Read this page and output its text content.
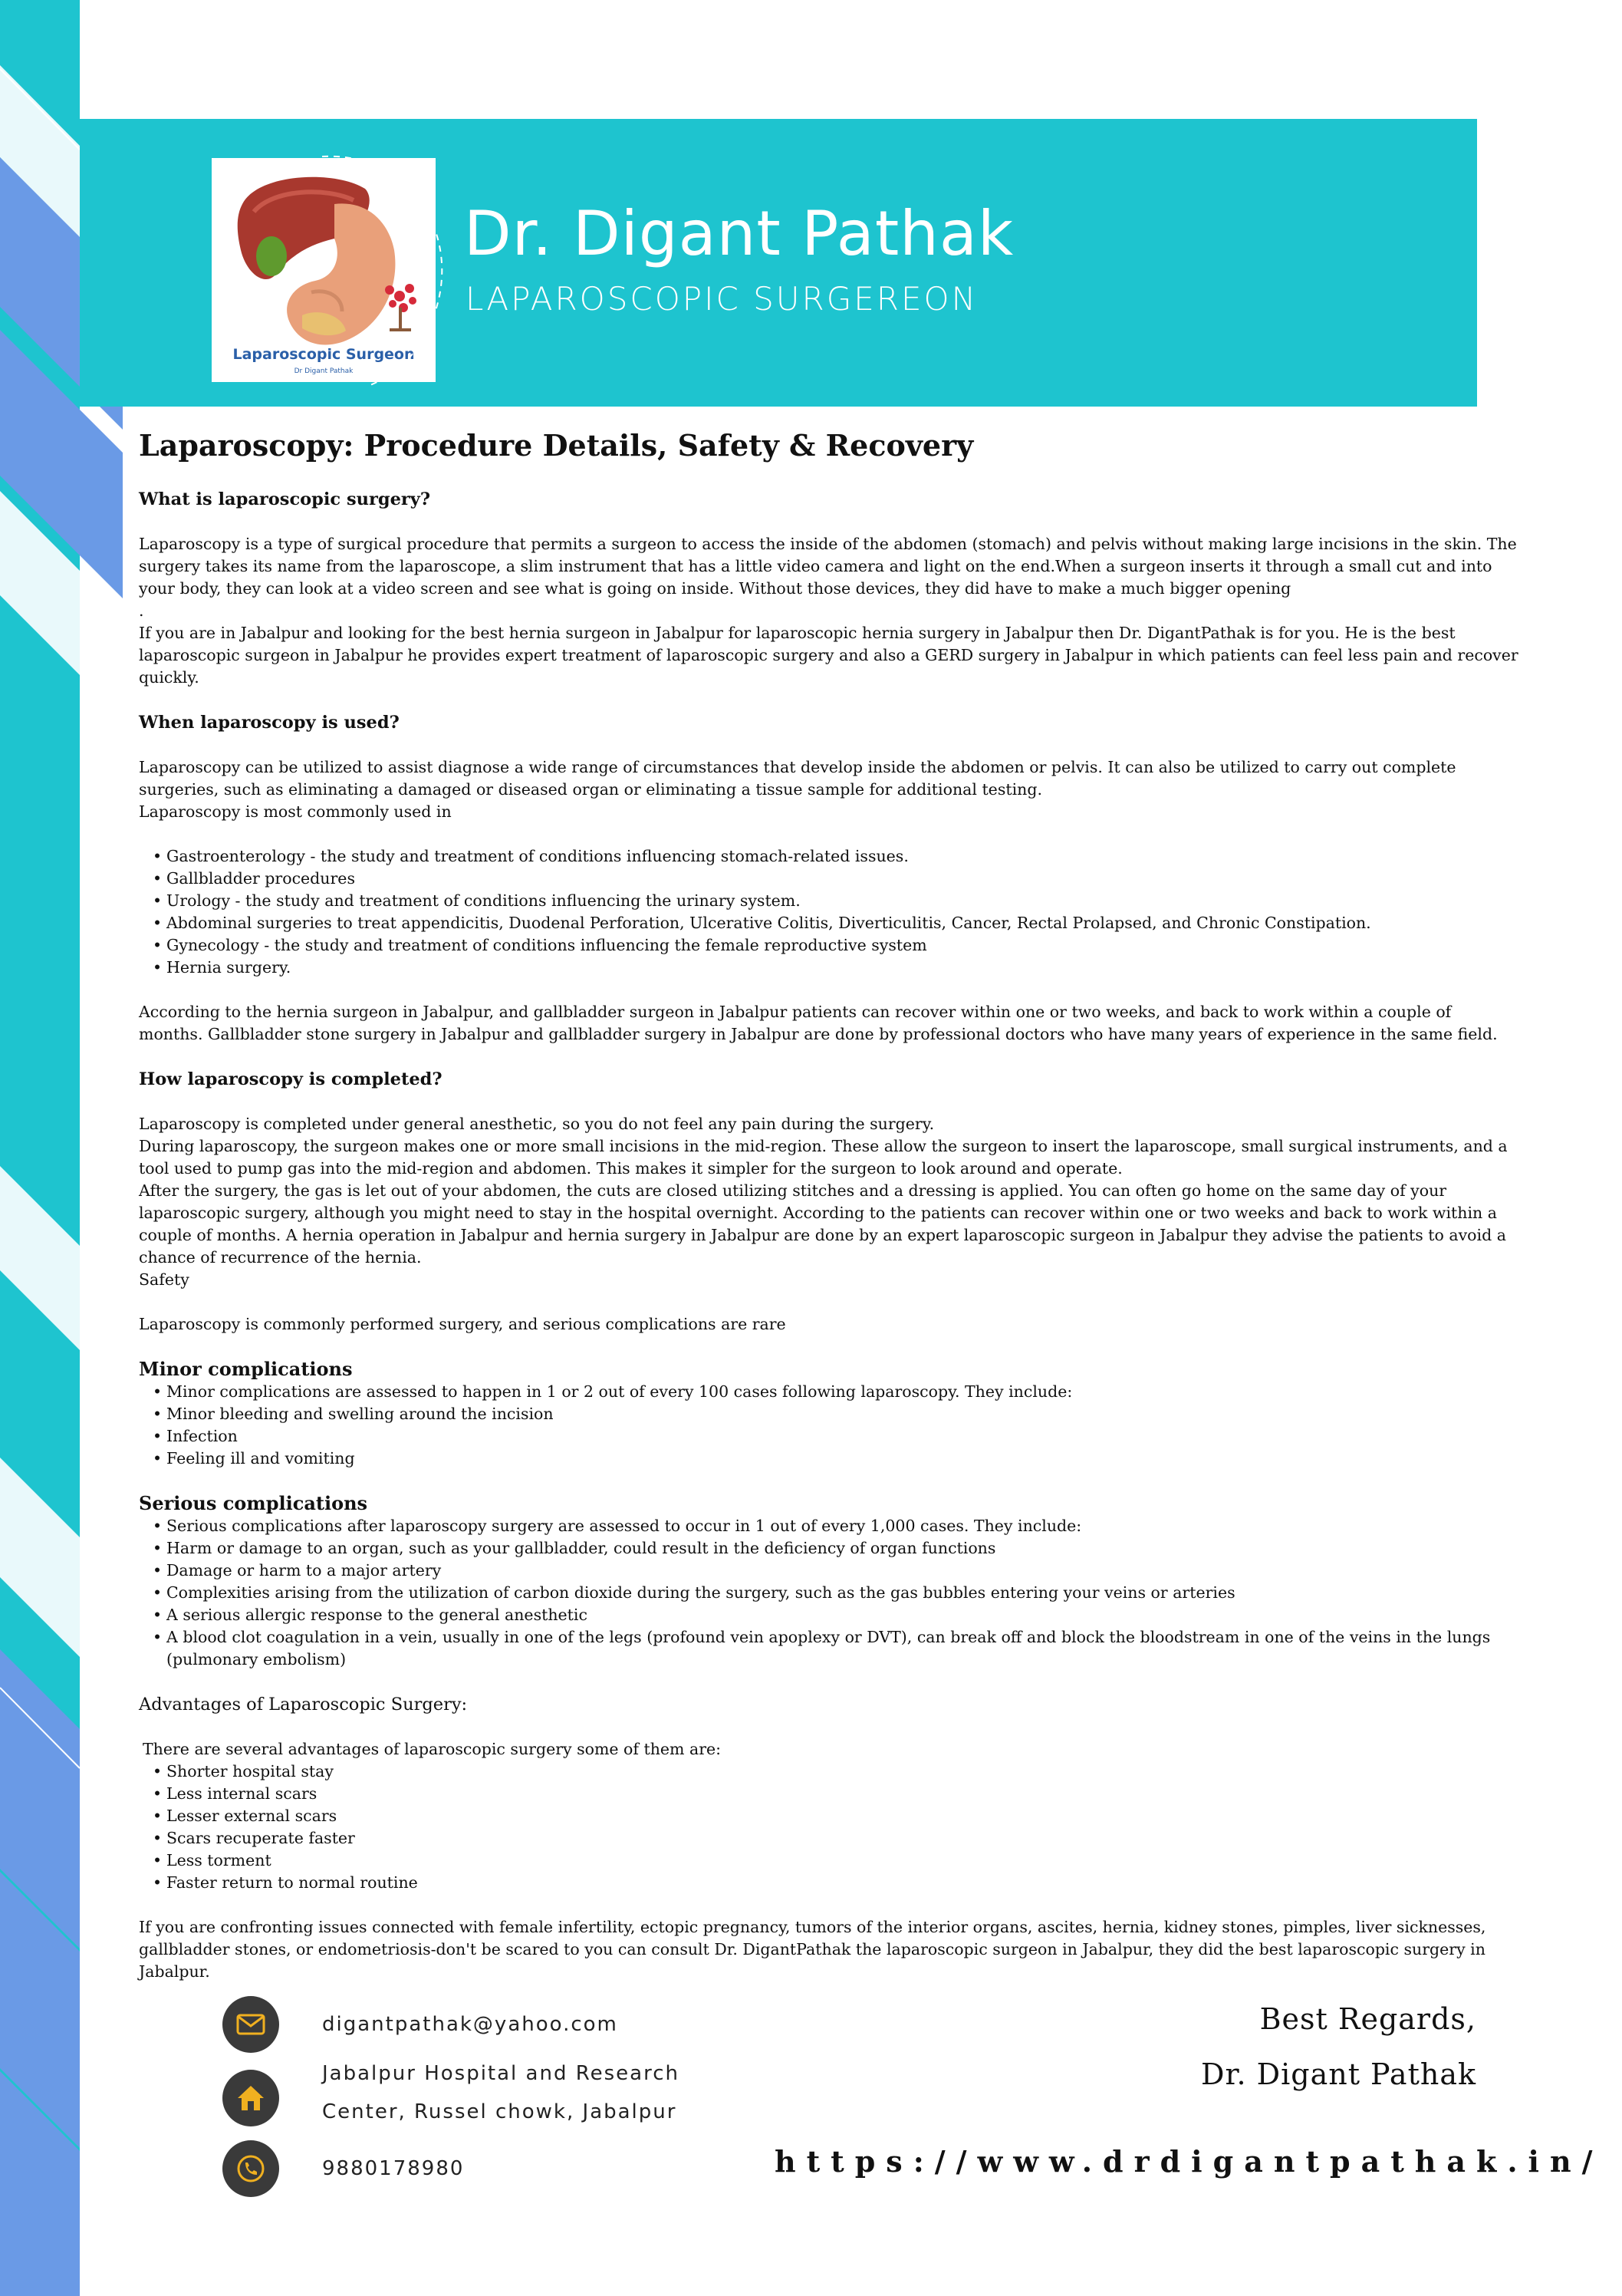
Laparoscopic Surgeon
Dr Digant Pathak
Dr. Digant Pathak
LAPAROSCOPIC SURGEREON
Laparoscopy: Procedure Details, Safety & Recovery
What is laparoscopic surgery?

Laparoscopy is a type of surgical procedure that permits a surgeon to access the inside of the abdomen (stomach) and pelvis without making large incisions in the skin. The surgery takes its name from the laparoscope, a slim instrument that has a little video camera and light on the end.When a surgeon inserts it through a small cut and into your body, they can look at a video screen and see what is going on inside. Without those devices, they did have to make a much bigger opening

.

If you are in Jabalpur and looking for the best hernia surgeon in Jabalpur for laparoscopic hernia surgery in Jabalpur then Dr. DigantPathak is for you. He is the best laparoscopic surgeon in Jabalpur he provides expert treatment of laparoscopic surgery and also a GERD surgery in Jabalpur in which patients can feel less pain and recover quickly.

When laparoscopy is used?

Laparoscopy can be utilized to assist diagnose a wide range of circumstances that develop inside the abdomen or pelvis. It can also be utilized to carry out complete surgeries, such as eliminating a damaged or diseased organ or eliminating a tissue sample for additional testing.

Laparoscopy is most commonly used in

• Gastroenterology - the study and treatment of conditions influencing stomach-related issues.
• Gallbladder procedures
• Urology - the study and treatment of conditions influencing the urinary system.
• Abdominal surgeries to treat appendicitis, Duodenal Perforation, Ulcerative Colitis, Diverticulitis, Cancer, Rectal Prolapsed, and Chronic Constipation.
• Gynecology - the study and treatment of conditions influencing the female reproductive system
• Hernia surgery.

According to the hernia surgeon in Jabalpur, and gallbladder surgeon in Jabalpur patients can recover within one or two weeks, and back to work within a couple of months. Gallbladder stone surgery in Jabalpur and gallbladder surgery in Jabalpur are done by professional doctors who have many years of experience in the same field.

How laparoscopy is completed?

Laparoscopy is completed under general anesthetic, so you do not feel any pain during the surgery.

During laparoscopy, the surgeon makes one or more small incisions in the mid-region. These allow the surgeon to insert the laparoscope, small surgical instruments, and a tool used to pump gas into the mid-region and abdomen. This makes it simpler for the surgeon to look around and operate.

After the surgery, the gas is let out of your abdomen, the cuts are closed utilizing stitches and a dressing is applied. You can often go home on the same day of your laparoscopic surgery, although you might need to stay in the hospital overnight. According to the patients can recover within one or two weeks and back to work within a couple of months. A hernia operation in Jabalpur and hernia surgery in Jabalpur are done by an expert laparoscopic surgeon in Jabalpur they advise the patients to avoid a chance of recurrence of the hernia.

Safety

Laparoscopy is commonly performed surgery, and serious complications are rare

Minor complications
• Minor complications are assessed to happen in 1 or 2 out of every 100 cases following laparoscopy. They include:
• Minor bleeding and swelling around the incision
• Infection
• Feeling ill and vomiting
Serious complications
• Serious complications after laparoscopy surgery are assessed to occur in 1 out of every 1,000 cases. They include:
• Harm or damage to an organ, such as your gallbladder, could result in the deficiency of organ functions
• Damage or harm to a major artery
• Complexities arising from the utilization of carbon dioxide during the surgery, such as the gas bubbles entering your veins or arteries
• A serious allergic response to the general anesthetic
• A blood clot coagulation in a vein, usually in one of the legs (profound vein apoplexy or DVT), can break off and block the bloodstream in one of the veins in the lungs (pulmonary embolism)
Advantages of Laparoscopic Surgery:

There are several advantages of laparoscopic surgery some of them are:

• Shorter hospital stay
• Less internal scars
• Lesser external scars
• Scars recuperate faster
• Less torment
• Faster return to normal routine

If you are confronting issues connected with female infertility, ectopic pregnancy, tumors of the interior organs, ascites, hernia, kidney stones, pimples, liver sicknesses, gallbladder stones, or endometriosis-don't be scared to you can consult Dr. DigantPathak the laparoscopic surgeon in Jabalpur, they did the best laparoscopic surgery in Jabalpur.

digantpathak@yahoo.com
Jabalpur Hospital and Research
Center, Russel chowk, Jabalpur
9880178980
Best Regards,
Dr. Digant Pathak
https://www.drdigantpathak.in/
